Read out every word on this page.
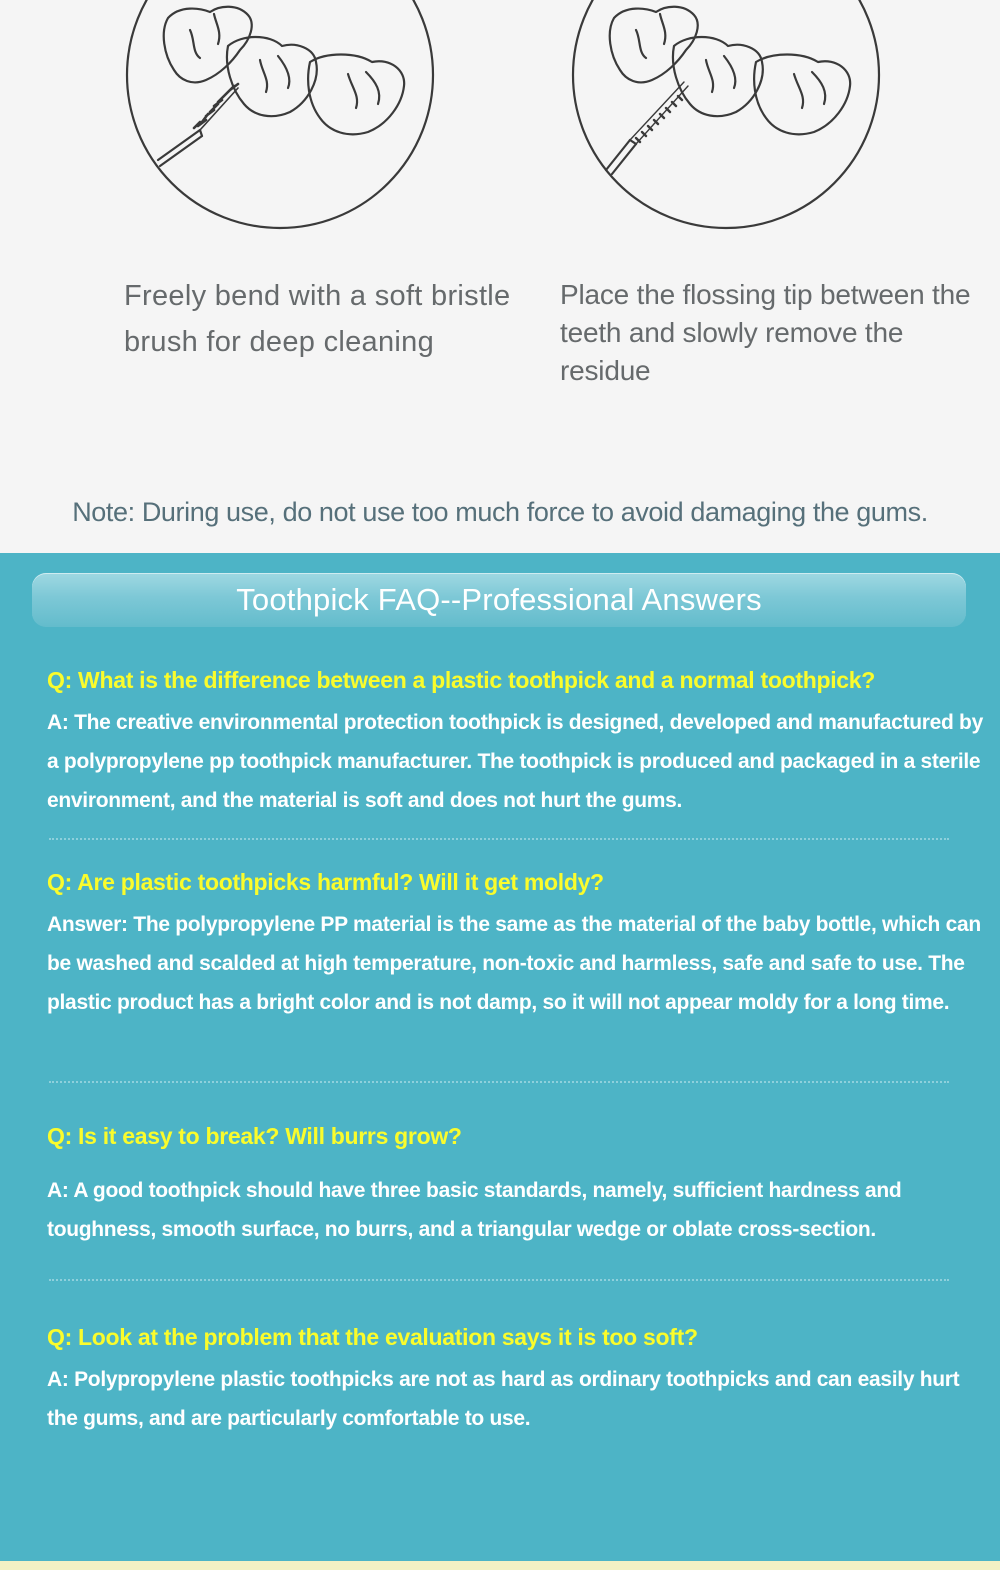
Freely bend with a soft bristle brush for deep cleaning
Place the flossing tip between the teeth and slowly remove the residue
Note: During use, do not use too much force to avoid damaging the gums.
Toothpick FAQ--Professional Answers
Q: What is the difference between a plastic toothpick and a normal toothpick?
A: The creative environmental protection toothpick is designed, developed and manufactured by a polypropylene pp toothpick manufacturer. The toothpick is produced and packaged in a sterile environment, and the material is soft and does not hurt the gums.
Q: Are plastic toothpicks harmful? Will it get moldy?
Answer: The polypropylene PP material is the same as the material of the baby bottle, which can be washed and scalded at high temperature, non-toxic and harmless, safe and safe to use. The plastic product has a bright color and is not damp, so it will not appear moldy for a long time.
Q: Is it easy to break? Will burrs grow?
A: A good toothpick should have three basic standards, namely, sufficient hardness and toughness, smooth surface, no burrs, and a triangular wedge or oblate cross-section.
Q: Look at the problem that the evaluation says it is too soft?
A: Polypropylene plastic toothpicks are not as hard as ordinary toothpicks and can easily hurt the gums, and are particularly comfortable to use.
